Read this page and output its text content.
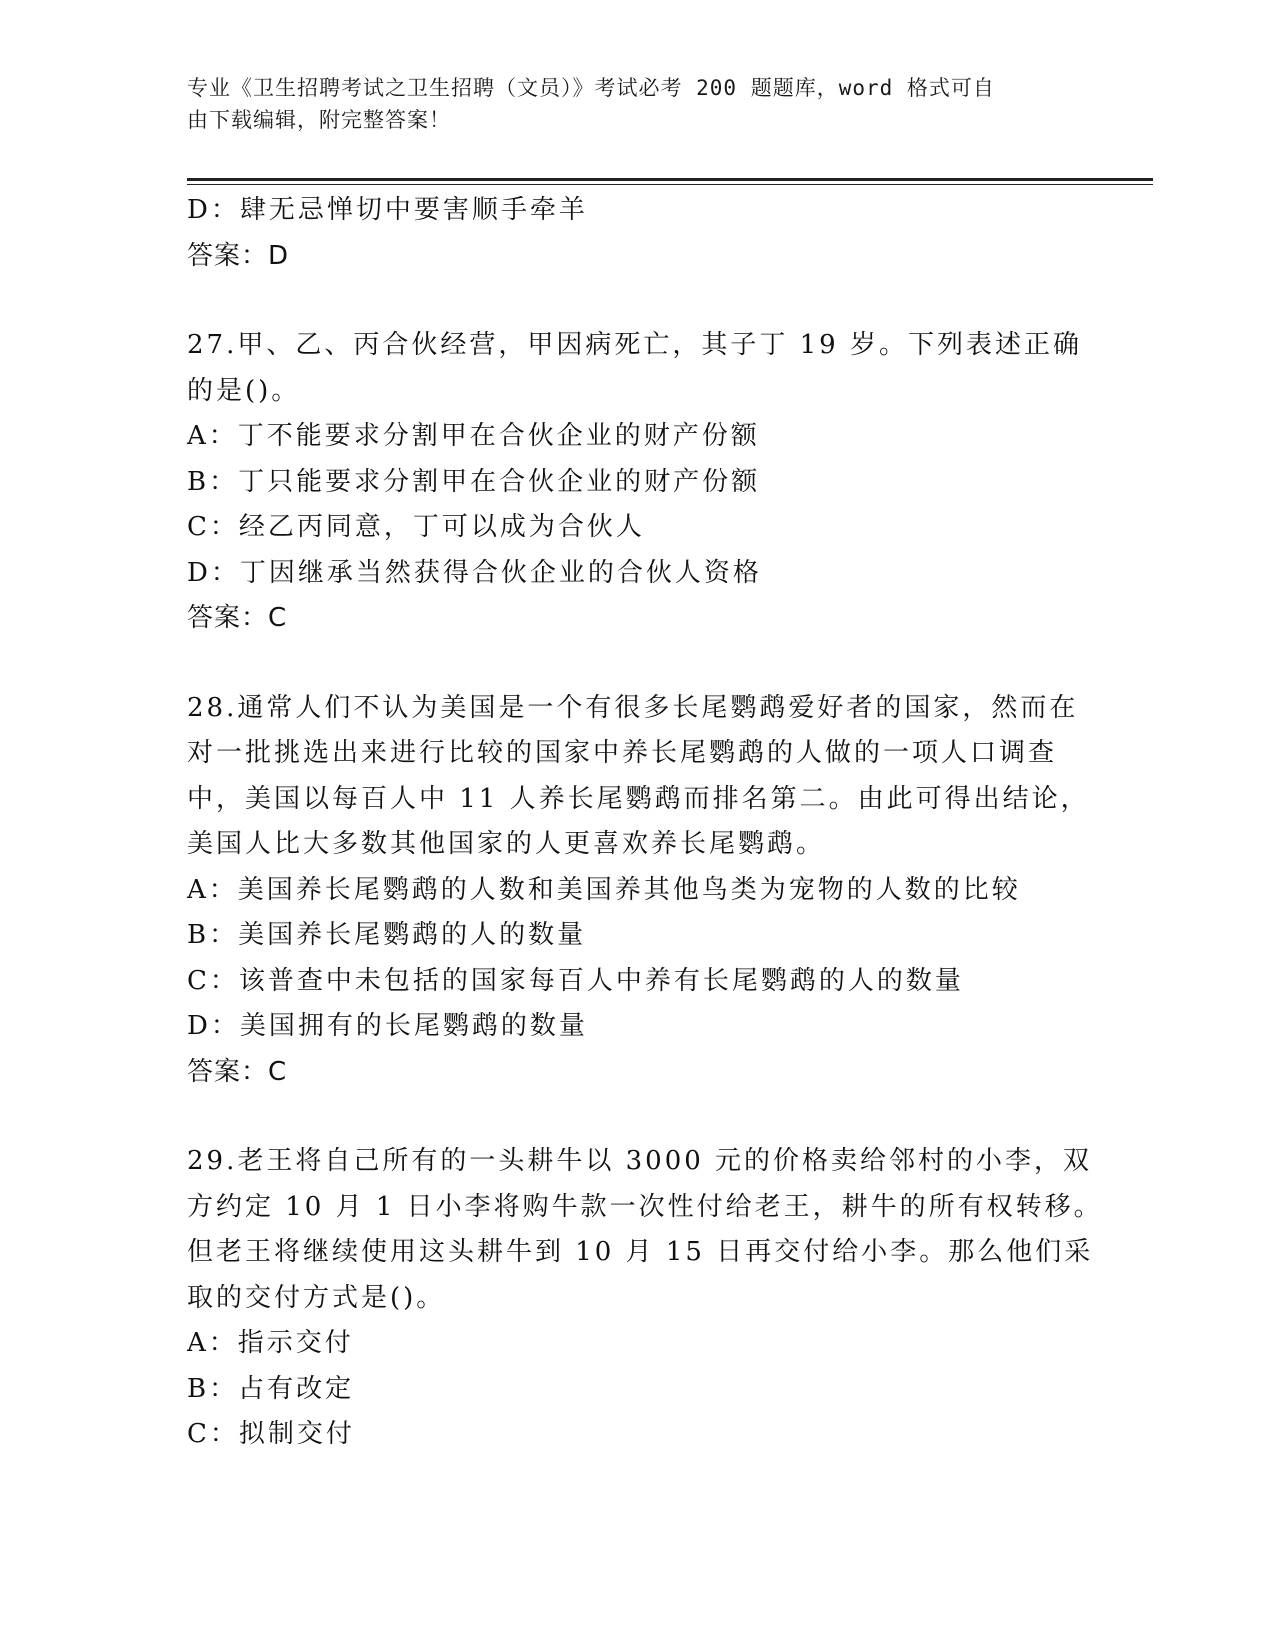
专业《卫生招聘考试之卫生招聘（文员）》考试必考 200 题题库，word 格式可自
由下载编辑，附完整答案！
D：肆无忌惮切中要害顺手牵羊
答案：D
27.甲、乙、丙合伙经营，甲因病死亡，其子丁 19 岁。下列表述正确
的是()。
A：丁不能要求分割甲在合伙企业的财产份额
B：丁只能要求分割甲在合伙企业的财产份额
C：经乙丙同意，丁可以成为合伙人
D：丁因继承当然获得合伙企业的合伙人资格
答案：C
28.通常人们不认为美国是一个有很多长尾鹦鹉爱好者的国家，然而在
对一批挑选出来进行比较的国家中养长尾鹦鹉的人做的一项人口调查
中，美国以每百人中 11 人养长尾鹦鹉而排名第二。由此可得出结论，
美国人比大多数其他国家的人更喜欢养长尾鹦鹉。
A：美国养长尾鹦鹉的人数和美国养其他鸟类为宠物的人数的比较
B：美国养长尾鹦鹉的人的数量
C：该普查中未包括的国家每百人中养有长尾鹦鹉的人的数量
D：美国拥有的长尾鹦鹉的数量
答案：C
29.老王将自己所有的一头耕牛以 3000 元的价格卖给邻村的小李，双
方约定 10 月 1 日小李将购牛款一次性付给老王，耕牛的所有权转移。
但老王将继续使用这头耕牛到 10 月 15 日再交付给小李。那么他们采
取的交付方式是()。
A：指示交付
B：占有改定
C：拟制交付
